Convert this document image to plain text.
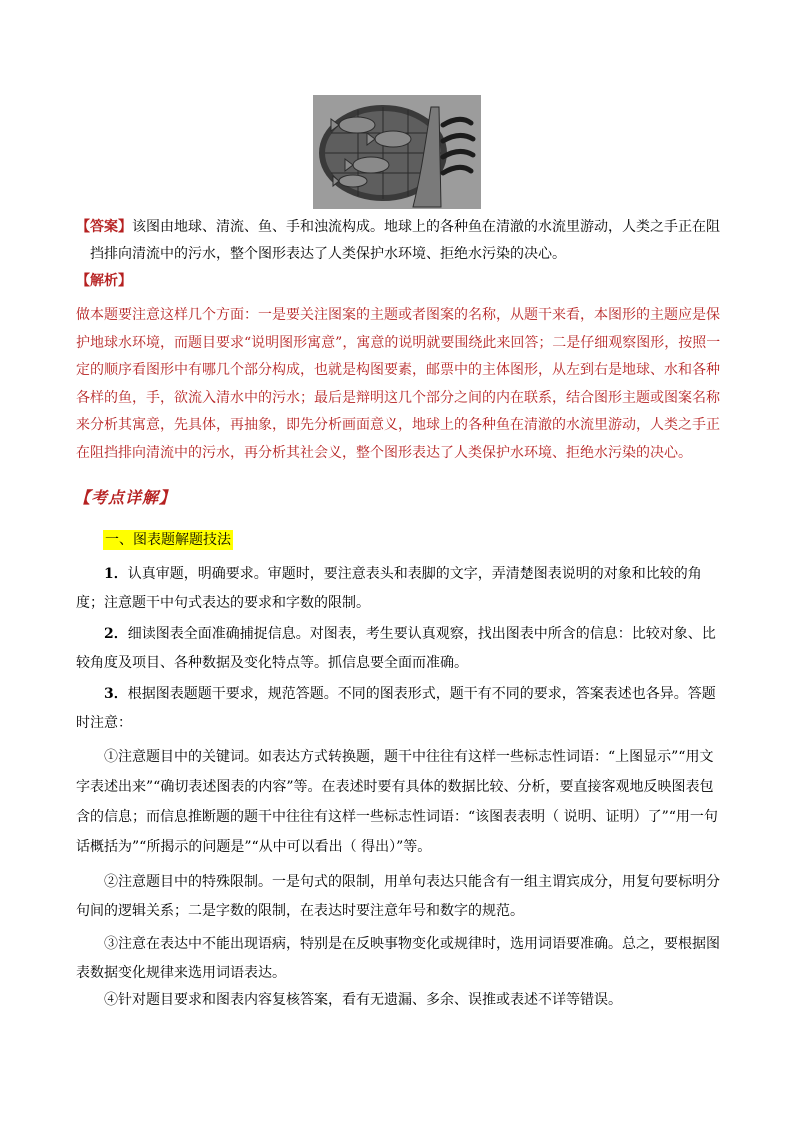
【答案】该图由地球、清流、鱼、手和浊流构成。地球上的各种鱼在清澈的水流里游动，人类之手正在阻挡排向清流中的污水，整个图形表达了人类保护水环境、拒绝水污染的决心。

【解析】

做本题要注意这样几个方面：一是要关注图案的主题或者图案的名称，从题干来看，本图形的主题应是保护地球水环境，而题目要求“说明图形寓意”，寓意的说明就要围绕此来回答；二是仔细观察图形，按照一定的顺序看图形中有哪几个部分构成，也就是构图要素，邮票中的主体图形，从左到右是地球、水和各种各样的鱼，手，欲流入清水中的污水；最后是辩明这几个部分之间的内在联系，结合图形主题或图案名称来分析其寓意，先具体，再抽象，即先分析画面意义，地球上的各种鱼在清澈的水流里游动，人类之手正在阻挡排向清流中的污水，再分析其社会义，整个图形表达了人类保护水环境、拒绝水污染的决心。

【考点详解】
一、图表题解题技法

1．认真审题，明确要求。审题时，要注意表头和表脚的文字，弄清楚图表说明的对象和比较的角度；注意题干中句式表达的要求和字数的限制。

2．细读图表全面准确捕捉信息。对图表，考生要认真观察，找出图表中所含的信息：比较对象、比较角度及项目、各种数据及变化特点等。抓信息要全面而准确。

3．根据图表题题干要求，规范答题。不同的图表形式，题干有不同的要求，答案表述也各异。答题时注意：

①注意题目中的关键词。如表达方式转换题，题干中往往有这样一些标志性词语：“上图显示”“用文字表述出来”“确切表述图表的内容”等。在表述时要有具体的数据比较、分析，要直接客观地反映图表包含的信息；而信息推断题的题干中往往有这样一些标志性词语：“该图表表明（ 说明、证明）了”“用一句话概括为”“所揭示的问题是”“从中可以看出（ 得出）”等。

②注意题目中的特殊限制。一是句式的限制，用单句表达只能含有一组主谓宾成分，用复句要标明分句间的逻辑关系；二是字数的限制，在表达时要注意年号和数字的规范。

③注意在表达中不能出现语病，特别是在反映事物变化或规律时，选用词语要准确。总之，要根据图表数据变化规律来选用词语表达。

④针对题目要求和图表内容复核答案，看有无遗漏、多余、误推或表述不详等错误。
